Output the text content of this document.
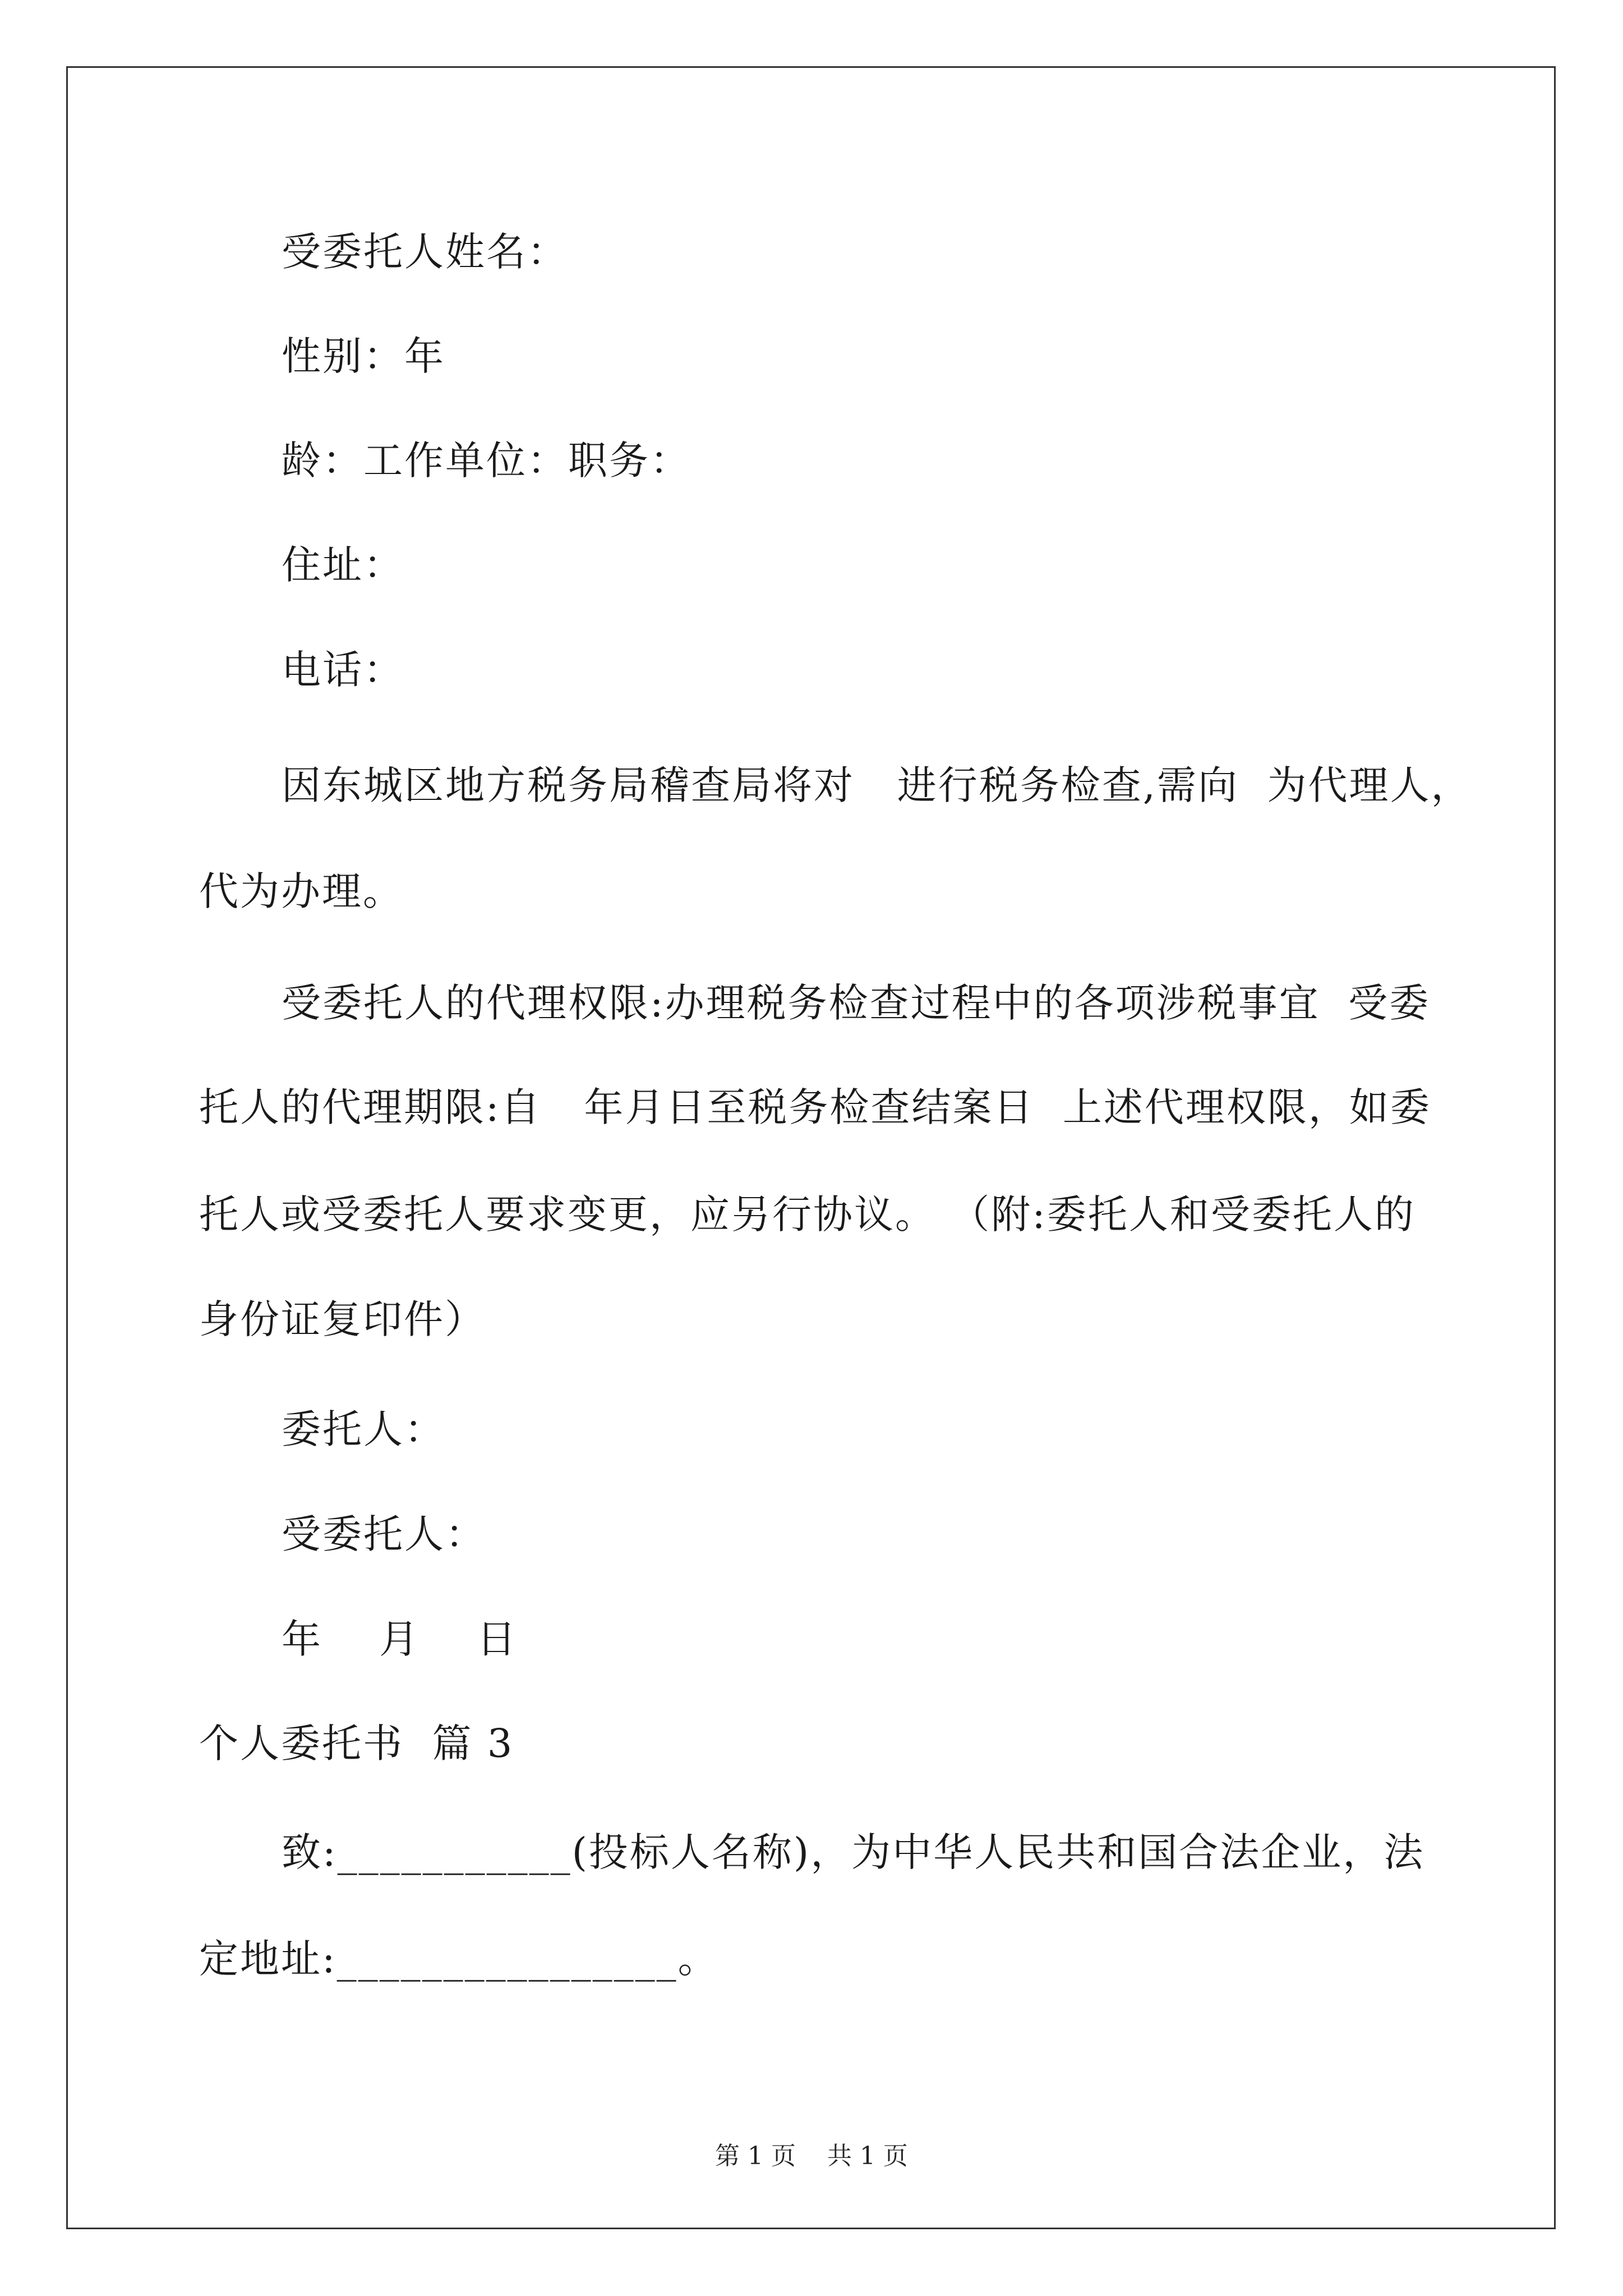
受委托人姓名：
性别：年
龄：工作单位：职务：
住址：
电话：
因东城区地方税务局稽查局将对   进行税务检查,需向  为代理人，
代为办理。
受委托人的代理权限:办理税务检查过程中的各项涉税事宜  受委
托人的代理期限:自   年月日至税务检查结案日  上述代理权限，如委
托人或受委托人要求变更，应另行协议。 （附:委托人和受委托人的
身份证复印件）
委托人：
受委托人：
年    月    日
个人委托书  篇 3
致:___________(投标人名称)，为中华人民共和国合法企业，法
定地址:________________。
第 1 页    共 1 页
